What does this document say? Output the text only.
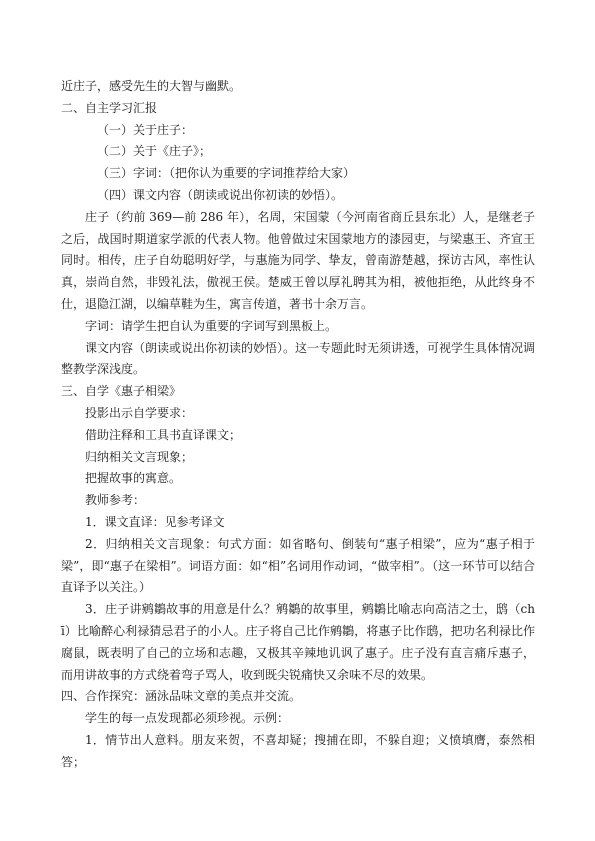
近庄子，感受先生的大智与幽默。

二、自主学习汇报

（一）关于庄子：

（二）关于《庄子》；

（三）字词：（把你认为重要的字词推荐给大家）

（四）课文内容（朗读或说出你初读的妙悟）。

庄子（约前 369—前 286 年），名周，宋国蒙（今河南省商丘县东北）人，是继老子之后，战国时期道家学派的代表人物。他曾做过宋国蒙地方的漆园吏，与梁惠王、齐宣王同时。相传，庄子自幼聪明好学，与惠施为同学、挚友，曾南游楚越，探访古风，率性认真，崇尚自然，非毁礼法，傲视王侯。楚威王曾以厚礼聘其为相，被他拒绝，从此终身不仕，退隐江湖，以编草鞋为生，寓言传道，著书十余万言。

字词：请学生把自认为重要的字词写到黑板上。

课文内容（朗读或说出你初读的妙悟）。这一专题此时无须讲透，可视学生具体情况调整教学深浅度。

三、自学《惠子相梁》

投影出示自学要求：

借助注释和工具书直译课文；

归纳相关文言现象；

把握故事的寓意。

教师参考：

1．课文直译：见参考译文

2．归纳相关文言现象：句式方面：如省略句、倒装句“惠子相梁”，应为“惠子相于梁”，即“惠子在梁相”。词语方面：如“相”名词用作动词，“做宰相”。（这一环节可以结合直译予以关注。）

3．庄子讲鹓鶵故事的用意是什么？鹓鶵的故事里，鹓鶵比喻志向高洁之士，鸱（chī）比喻醉心利禄猜忌君子的小人。庄子将自己比作鹓鶵，将惠子比作鸱，把功名利禄比作腐鼠，既表明了自己的立场和志趣，又极其辛辣地讥讽了惠子。庄子没有直言痛斥惠子，而用讲故事的方式绕着弯子骂人，收到既尖锐痛快又余味不尽的效果。

四、合作探究：涵泳品味文章的美点并交流。

学生的每一点发现都必须珍视。示例：

1．情节出人意料。朋友来贺，不喜却疑；搜捕在即，不躲自迎；义愤填膺，泰然相答；
